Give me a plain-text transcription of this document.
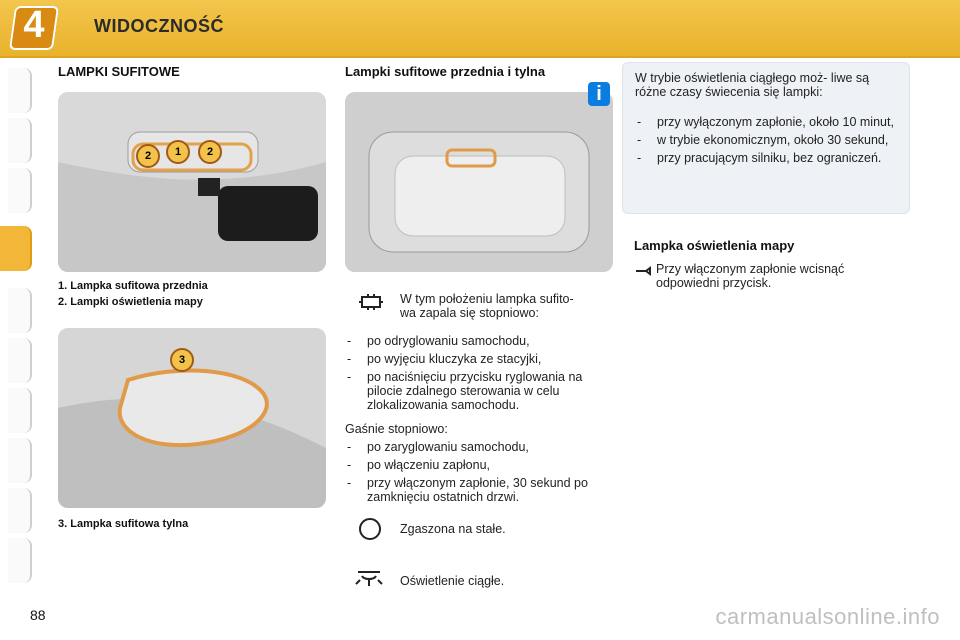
4	WIDOCZNOŚĆ
LAMPKI SUFITOWE
2	1	2
1. Lampka sufitowa przednia
2. Lampki oświetlenia mapy
3
3. Lampka sufitowa tylna
Lampki sufitowe przednia i tylna
W tym położeniu lampka sufito-
wa zapala się stopniowo:
- po odryglowaniu samochodu,
- po wyjęciu kluczyka ze stacyjki,
- po naciśnięciu przycisku ryglowania na pilocie zdalnego sterowania w celu zlokalizowania samochodu.
Gaśnie stopniowo:
- po zaryglowaniu samochodu,
- po włączeniu zapłonu,
- przy włączonym zapłonie, 30 sekund po zamknięciu ostatnich drzwi.
Zgaszona na stałe.
Oświetlenie ciągłe.
i
W trybie oświetlenia ciągłego moż- liwe są różne czasy świecenia się lampki:
- przy wyłączonym zapłonie, około 10 minut,
- w trybie ekonomicznym, około 30 sekund,
- przy pracującym silniku, bez ograniczeń.
Lampka oświetlenia mapy
Przy włączonym zapłonie wcisnąć odpowiedni przycisk.
88	carmanualsonline.info
